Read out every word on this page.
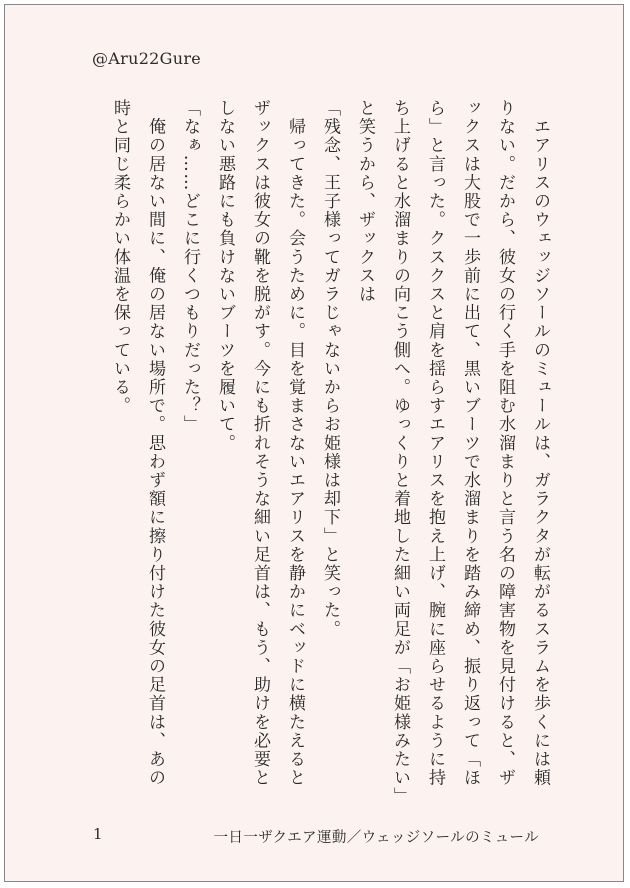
@Aru22Gure

　エアリスのウェッジソールのミュールは、ガラクタが転がるスラムを歩くには頼りない。だから、彼女の行く手を阻む水溜まりと言う名の障害物を見付けると、ザックスは大股で一歩前に出て、黒いブーツで水溜まりを踏み締め、振り返って「ほら」と言った。クスクスと肩を揺らすエアリスを抱え上げ、腕に座らせるように持ち上げると水溜まりの向こう側へ。ゆっくりと着地した細い両足が「お姫様みたい」と笑うから、ザックスは

「残念、王子様ってガラじゃないからお姫様は却下」と笑った。

　帰ってきた。会うために。目を覚まさないエアリスを静かにベッドに横たえるとザックスは彼女の靴を脱がす。今にも折れそうな細い足首は、もう、助けを必要としない悪路にも負けないブーツを履いて。

「なぁ……どこに行くつもりだった？」

　俺の居ない間に、俺の居ない場所で。思わず額に擦り付けた彼女の足首は、あの時と同じ柔らかい体温を保っている。

1	一日一ザクエア運動／ウェッジソールのミュール
